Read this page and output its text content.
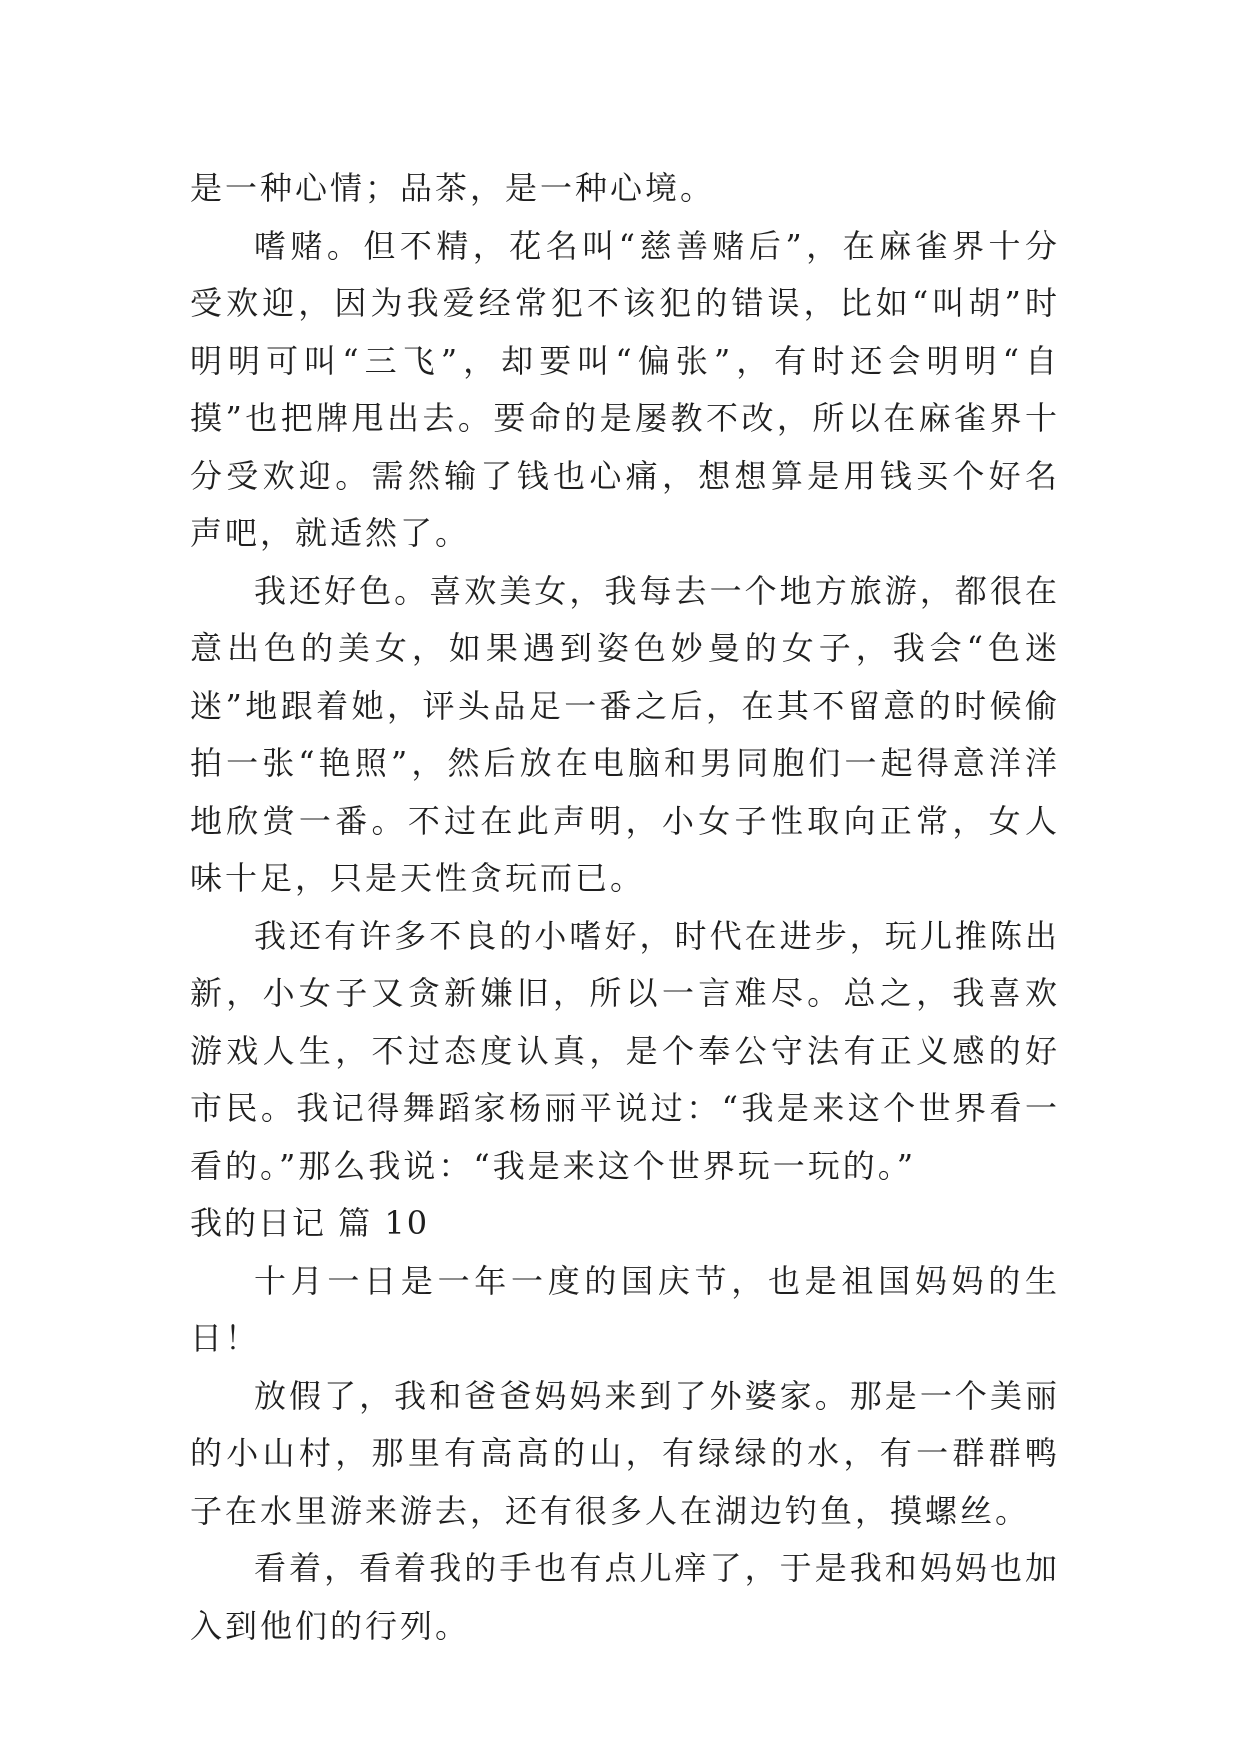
是一种心情；品茶，是一种心境。

嗜赌。但不精，花名叫“慈善赌后”，在麻雀界十分受欢迎，因为我爱经常犯不该犯的错误，比如“叫胡”时明明可叫“三飞”，却要叫“偏张”，有时还会明明“自摸”也把牌甩出去。要命的是屡教不改，所以在麻雀界十分受欢迎。需然输了钱也心痛，想想算是用钱买个好名声吧，就适然了。

我还好色。喜欢美女，我每去一个地方旅游，都很在意出色的美女，如果遇到姿色妙曼的女子，我会“色迷迷”地跟着她，评头品足一番之后，在其不留意的时候偷拍一张“艳照”，然后放在电脑和男同胞们一起得意洋洋地欣赏一番。不过在此声明，小女子性取向正常，女人味十足，只是天性贪玩而已。

我还有许多不良的小嗜好，时代在进步，玩儿推陈出新，小女子又贪新嫌旧，所以一言难尽。总之，我喜欢游戏人生，不过态度认真，是个奉公守法有正义感的好市民。我记得舞蹈家杨丽平说过：“我是来这个世界看一看的。”那么我说：“我是来这个世界玩一玩的。”

我的日记 篇 10

十月一日是一年一度的国庆节，也是祖国妈妈的生日！

放假了，我和爸爸妈妈来到了外婆家。那是一个美丽的小山村，那里有高高的山，有绿绿的水，有一群群鸭子在水里游来游去，还有很多人在湖边钓鱼，摸螺丝。

看着，看着我的手也有点儿痒了，于是我和妈妈也加入到他们的行列。
